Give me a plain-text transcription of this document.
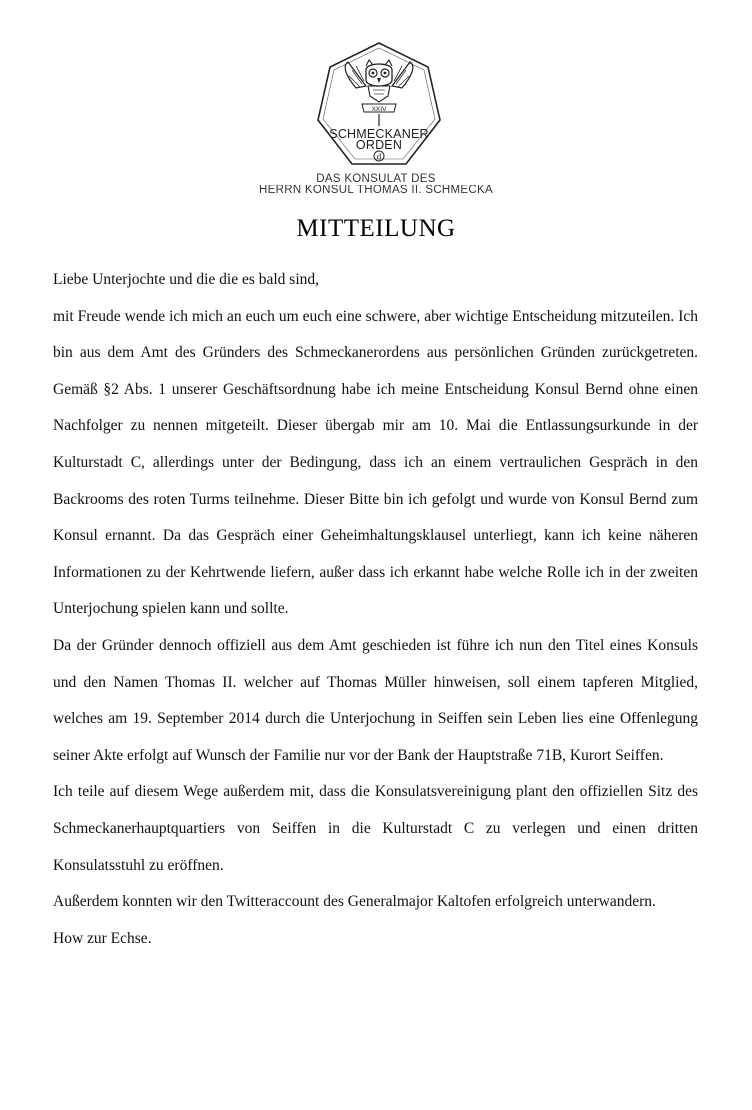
XXIV
d
SCHMECKANER
ORDEN
DAS KONSULAT DES
HERRN KONSUL THOMAS II. SCHMECKA
MITTEILUNG

Liebe Unterjochte und die die es bald sind,

mit Freude wende ich mich an euch um euch eine schwere, aber wichtige Entscheidung mitzuteilen. Ich bin aus dem Amt des Gründers des Schmeckanerordens aus persönlichen Gründen zurückgetreten. Gemäß §2 Abs. 1 unserer Geschäftsordnung habe ich meine Entscheidung Konsul Bernd ohne einen Nachfolger zu nennen mitgeteilt. Dieser übergab mir am 10. Mai die Entlassungsurkunde in der Kulturstadt C, allerdings unter der Bedingung, dass ich an einem vertraulichen Gespräch in den Backrooms des roten Turms teilnehme. Dieser Bitte bin ich gefolgt und wurde von Konsul Bernd zum Konsul ernannt. Da das Gespräch einer Geheimhaltungsklausel unterliegt, kann ich keine näheren Informationen zu der Kehrtwende liefern, außer dass ich erkannt habe welche Rolle ich in der zweiten Unterjochung spielen kann und sollte.

Da der Gründer dennoch offiziell aus dem Amt geschieden ist führe ich nun den Titel eines Konsuls und den Namen Thomas II. welcher auf Thomas Müller hinweisen, soll einem tapferen Mitglied, welches am 19. September 2014 durch die Unterjochung in Seiffen sein Leben lies eine Offenlegung seiner Akte erfolgt auf Wunsch der Familie nur vor der Bank der Hauptstraße 71B, Kurort Seiffen.

Ich teile auf diesem Wege außerdem mit, dass die Konsulatsvereinigung plant den offiziellen Sitz des Schmeckanerhauptquartiers von Seiffen in die Kulturstadt C zu verlegen und einen dritten Konsulatsstuhl zu eröffnen.

Außerdem konnten wir den Twitteraccount des Generalmajor Kaltofen erfolgreich unterwandern.

How zur Echse.
